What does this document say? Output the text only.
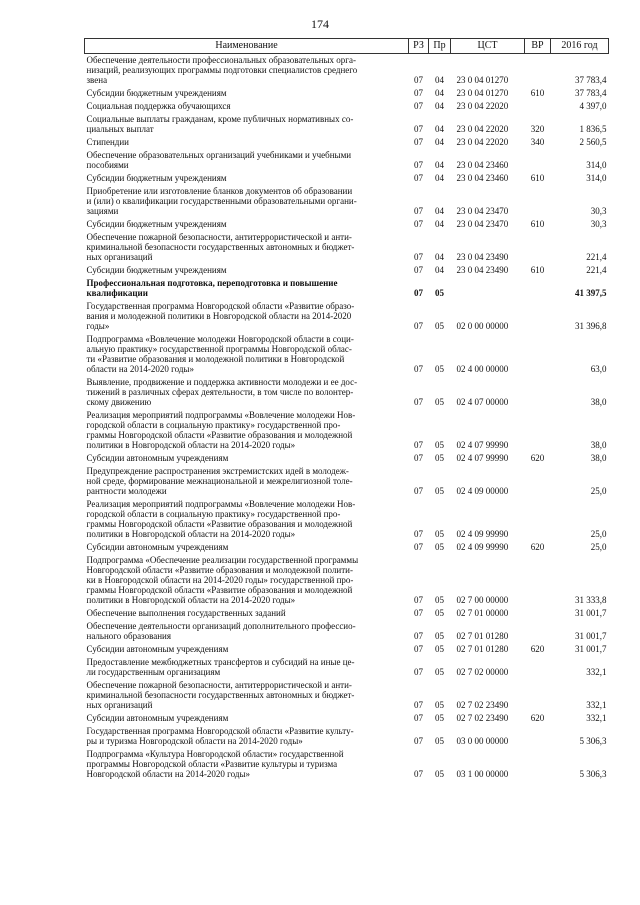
174
Наименование	РЗ	Пр	ЦСТ	ВР	2016 год
Обеспечение деятельности профессиональных образовательных орга-
низаций, реализующих программы подготовки специалистов среднего
звена	07	04	23 0 04 01270		37 783,4
Субсидии бюджетным учреждениям	07	04	23 0 04 01270	610	37 783,4
Социальная поддержка обучающихся	07	04	23 0 04 22020		4 397,0
Социальные выплаты гражданам, кроме публичных нормативных со-
циальных выплат	07	04	23 0 04 22020	320	1 836,5
Стипендии	07	04	23 0 04 22020	340	2 560,5
Обеспечение образовательных организаций учебниками и учебными
пособиями	07	04	23 0 04 23460		314,0
Субсидии бюджетным учреждениям	07	04	23 0 04 23460	610	314,0
Приобретение или изготовление бланков документов об образовании
и (или) о квалификации государственными образовательными органи-
зациями	07	04	23 0 04 23470		30,3
Субсидии бюджетным учреждениям	07	04	23 0 04 23470	610	30,3
Обеспечение пожарной безопасности, антитеррористической и анти-
криминальной безопасности государственных автономных и бюджет-
ных организаций	07	04	23 0 04 23490		221,4
Субсидии бюджетным учреждениям	07	04	23 0 04 23490	610	221,4
Профессиональная подготовка, переподготовка и повышение
квалификации	07	05			41 397,5
Государственная программа Новгородской области «Развитие образо-
вания и молодежной политики в Новгородской области на 2014-2020
годы»	07	05	02 0 00 00000		31 396,8
Подпрограмма «Вовлечение молодежи Новгородской области в соци-
альную практику» государственной программы Новгородской облас-
ти «Развитие образования и молодежной политики в Новгородской
области на 2014-2020 годы»	07	05	02 4 00 00000		63,0
Выявление, продвижение и поддержка активности молодежи и ее дос-
тижений в различных сферах деятельности, в том числе по волонтер-
скому движению	07	05	02 4 07 00000		38,0
Реализация мероприятий подпрограммы «Вовлечение молодежи Нов-
городской области в социальную практику» государственной про-
граммы Новгородской области «Развитие образования и молодежной
политики в Новгородской области на 2014-2020 годы»	07	05	02 4 07 99990		38,0
Субсидии автономным учреждениям	07	05	02 4 07 99990	620	38,0
Предупреждение распространения экстремистских идей в молодеж-
ной среде, формирование межнациональной и межрелигиозной толе-
рантности молодежи	07	05	02 4 09 00000		25,0
Реализация мероприятий подпрограммы «Вовлечение молодежи Нов-
городской области в социальную практику» государственной про-
граммы Новгородской области «Развитие образования и молодежной
политики в Новгородской области на 2014-2020 годы»	07	05	02 4 09 99990		25,0
Субсидии автономным учреждениям	07	05	02 4 09 99990	620	25,0
Подпрограмма «Обеспечение реализации государственной программы
Новгородской области «Развитие образования и молодежной полити-
ки в Новгородской области на 2014-2020 годы» государственной про-
граммы Новгородской области «Развитие образования и молодежной
политики в Новгородской области на 2014-2020 годы»	07	05	02 7 00 00000		31 333,8
Обеспечение выполнения государственных заданий	07	05	02 7 01 00000		31 001,7
Обеспечение деятельности организаций дополнительного профессио-
нального образования	07	05	02 7 01 01280		31 001,7
Субсидии автономным учреждениям	07	05	02 7 01 01280	620	31 001,7
Предоставление межбюджетных трансфертов и субсидий на иные це-
ли государственным организациям	07	05	02 7 02 00000		332,1
Обеспечение пожарной безопасности, антитеррористической и анти-
криминальной безопасности государственных автономных и бюджет-
ных организаций	07	05	02 7 02 23490		332,1
Субсидии автономным учреждениям	07	05	02 7 02 23490	620	332,1
Государственная программа Новгородской области «Развитие культу-
ры и туризма Новгородской области на 2014-2020 годы»	07	05	03 0 00 00000		5 306,3
Подпрограмма «Культура Новгородской области» государственной
программы Новгородской области «Развитие культуры и туризма
Новгородской области на 2014-2020 годы»	07	05	03 1 00 00000		5 306,3
